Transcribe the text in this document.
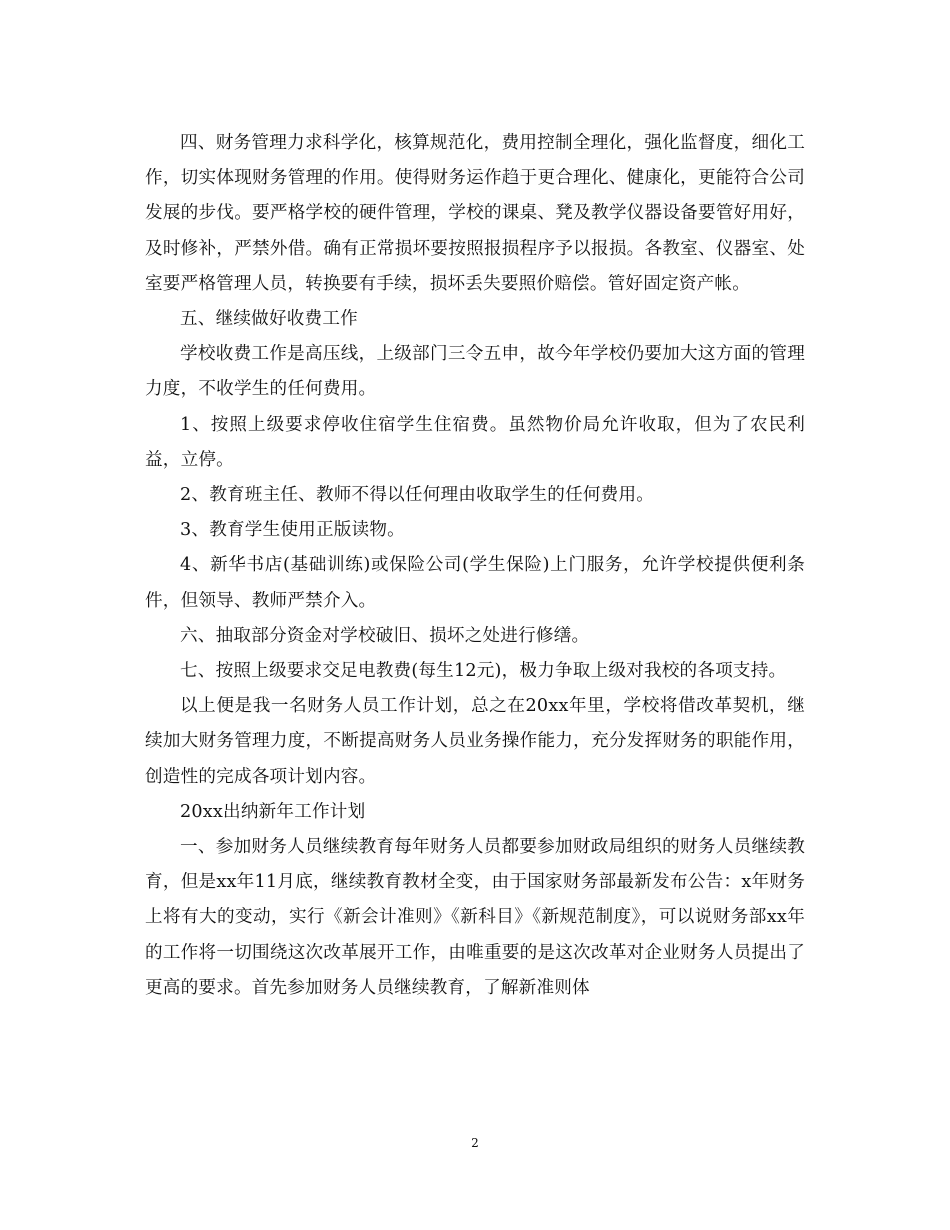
四、财务管理力求科学化，核算规范化，费用控制全理化，强化监督度，细化工作，切实体现财务管理的作用。使得财务运作趋于更合理化、健康化，更能符合公司发展的步伐。要严格学校的硬件管理，学校的课桌、凳及教学仪器设备要管好用好，及时修补，严禁外借。确有正常损坏要按照报损程序予以报损。各教室、仪器室、处室要严格管理人员，转换要有手续，损坏丢失要照价赔偿。管好固定资产帐。

五、继续做好收费工作

学校收费工作是高压线，上级部门三令五申，故今年学校仍要加大这方面的管理力度，不收学生的任何费用。

1、按照上级要求停收住宿学生住宿费。虽然物价局允许收取，但为了农民利益，立停。

2、教育班主任、教师不得以任何理由收取学生的任何费用。

3、教育学生使用正版读物。

4、新华书店(基础训练)或保险公司(学生保险)上门服务，允许学校提供便利条件，但领导、教师严禁介入。

六、抽取部分资金对学校破旧、损坏之处进行修缮。

七、按照上级要求交足电教费(每生12元)，极力争取上级对我校的各项支持。

以上便是我一名财务人员工作计划，总之在20xx年里，学校将借改革契机，继续加大财务管理力度，不断提高财务人员业务操作能力，充分发挥财务的职能作用，创造性的完成各项计划内容。

20xx出纳新年工作计划

一、参加财务人员继续教育每年财务人员都要参加财政局组织的财务人员继续教育，但是xx年11月底，继续教育教材全变，由于国家财务部最新发布公告：x年财务上将有大的变动，实行《新会计准则》《新科目》《新规范制度》，可以说财务部xx年的工作将一切围绕这次改革展开工作，由唯重要的是这次改革对企业财务人员提出了更高的要求。首先参加财务人员继续教育，了解新准则体

2
